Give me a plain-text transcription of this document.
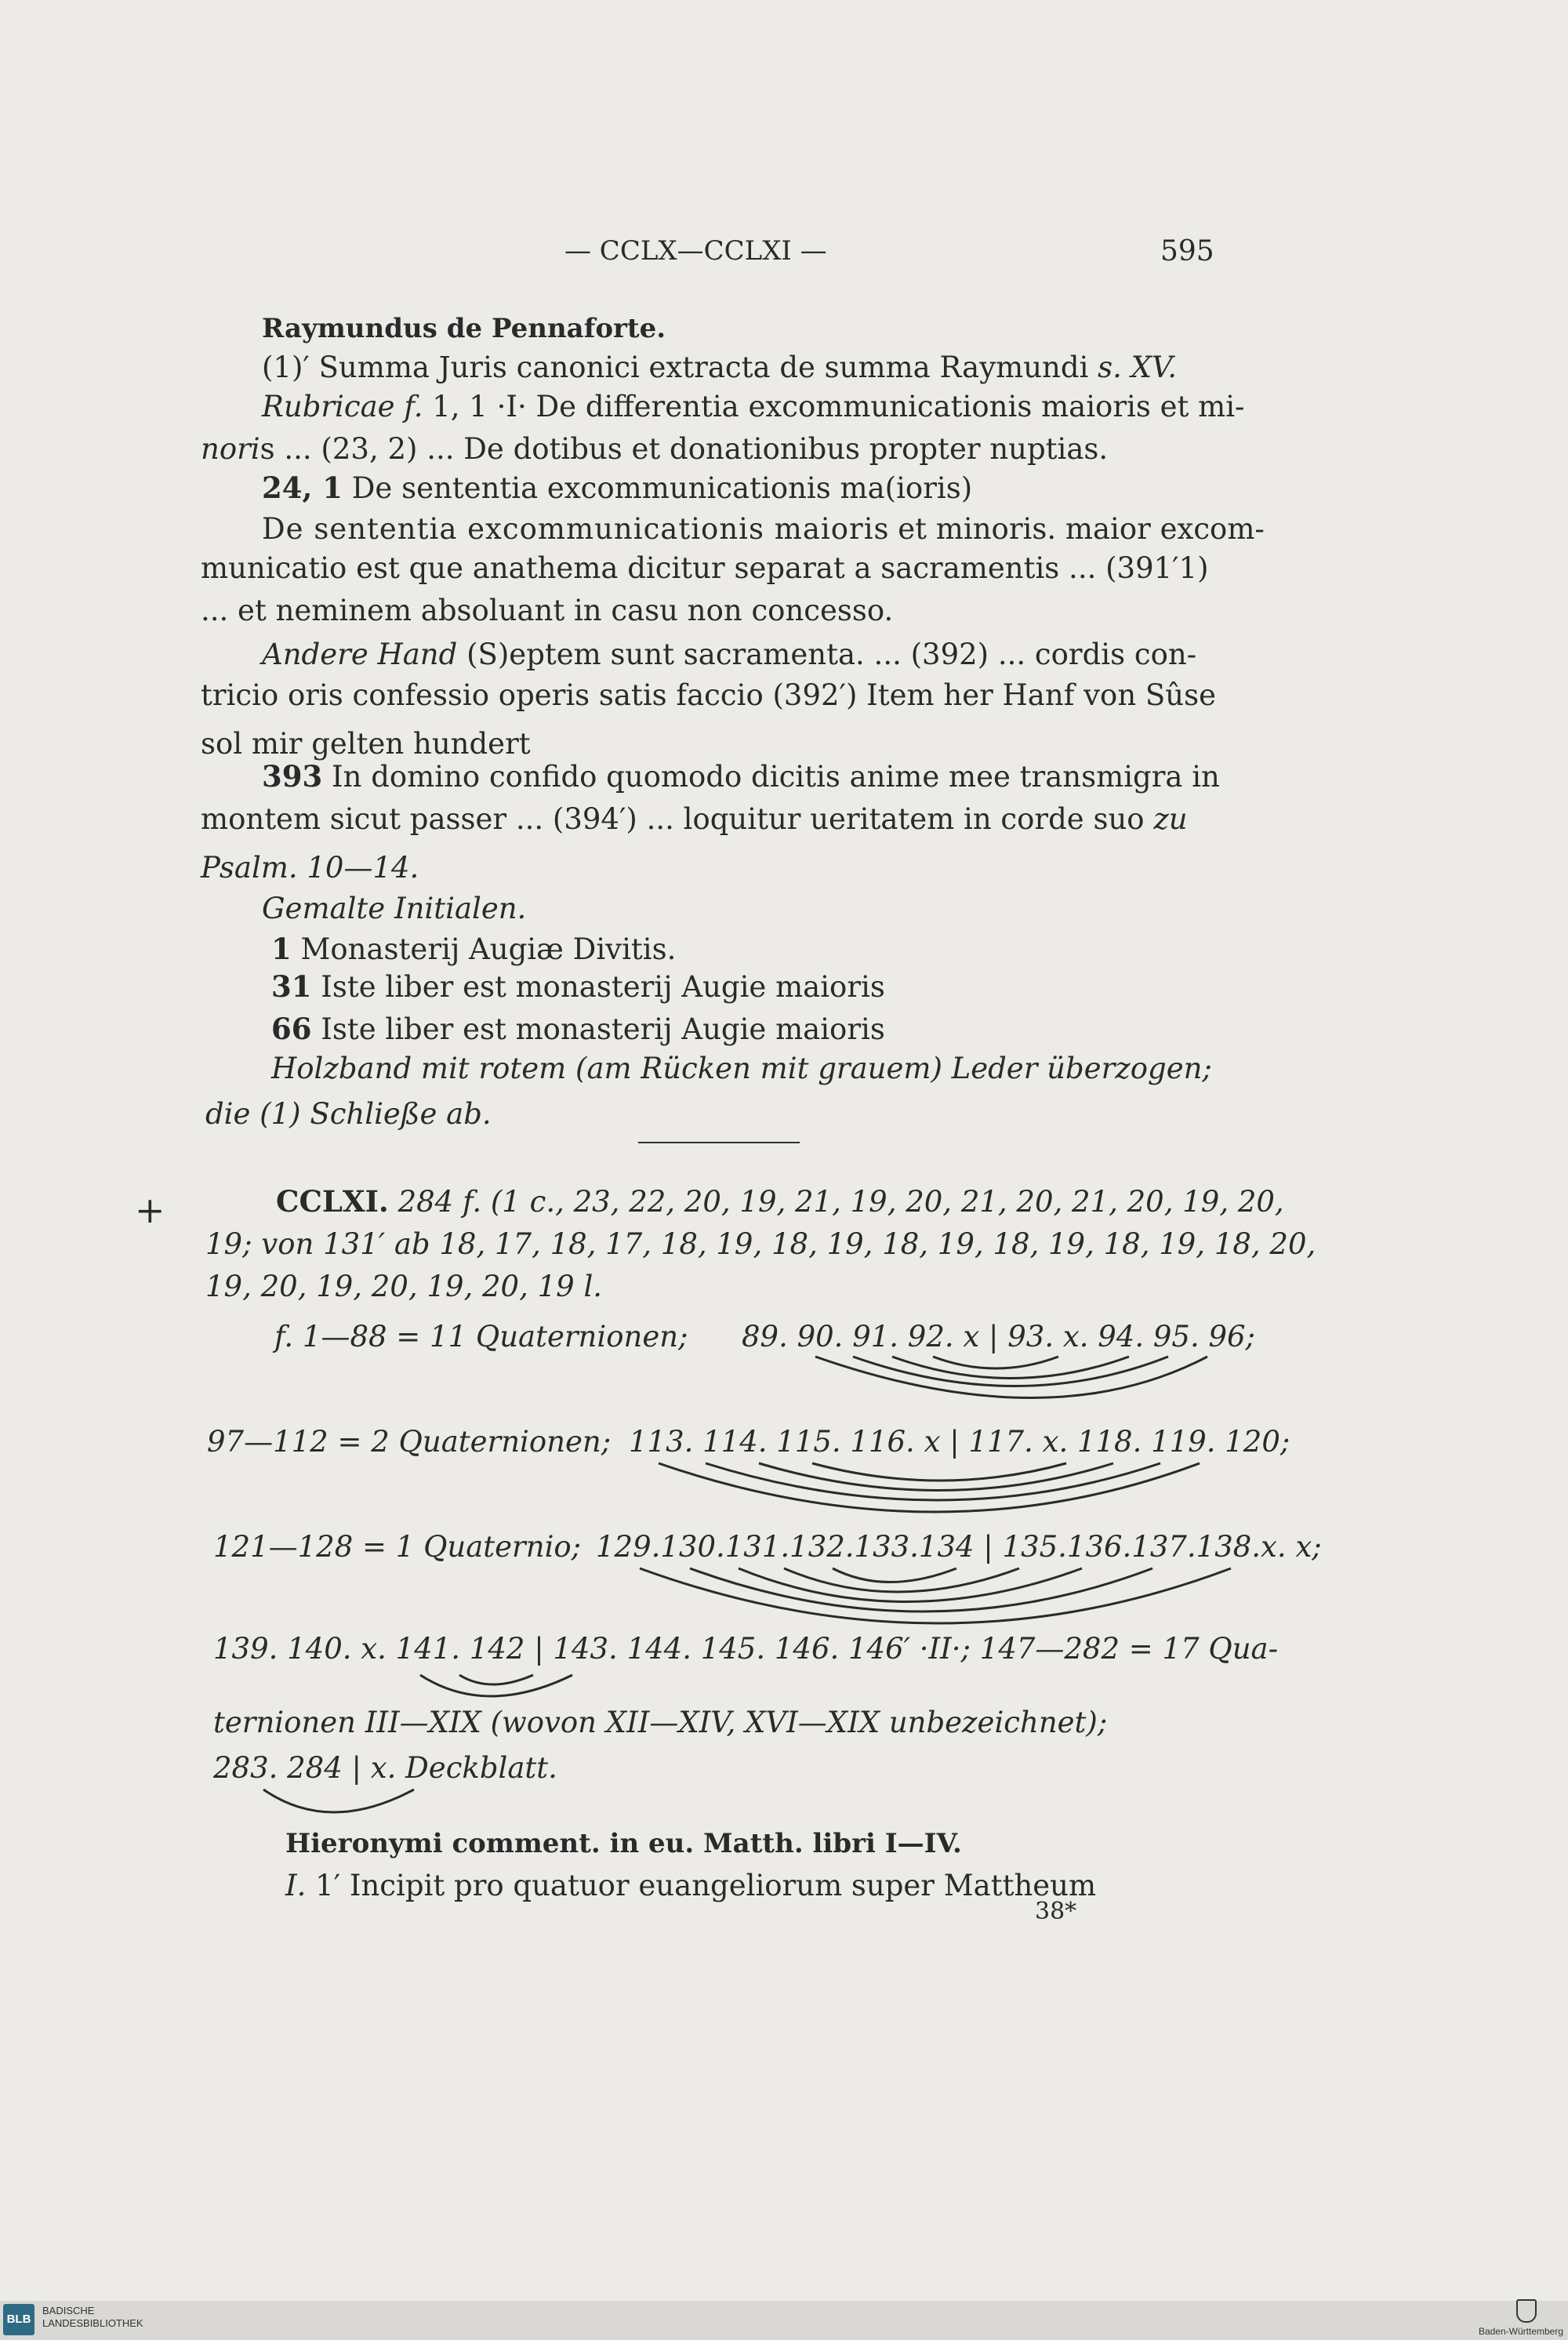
— CCLX—CCLXI —	595
Raymundus de Pennaforte.
(1)′ Summa Juris canonici extracta de summa Raymundi s. XV.
Rubricae f. 1, 1 ·I· De differentia excommunicationis maioris et mi-
noris ... (23, 2) ... De dotibus et donationibus propter nuptias.
24, 1 De sententia excommunicationis ma(ioris)
De sententia excommunicationis maioris et minoris. maior excom-
municatio est que anathema dicitur separat a sacramentis ... (391′1)
... et neminem absoluant in casu non concesso.
Andere Hand (S)eptem sunt sacramenta. ... (392) ... cordis con-
tricio oris confessio operis satis faccio (392′) Item her Hanf von Sûse
sol mir gelten hundert
393 In domino confido quomodo dicitis anime mee transmigra in
montem sicut passer ... (394′) ... loquitur ueritatem in corde suo zu
Psalm. 10—14.
Gemalte Initialen.
1 Monasterij Augiæ Divitis.
31 Iste liber est monasterij Augie maioris
66 Iste liber est monasterij Augie maioris
Holzband mit rotem (am Rücken mit grauem) Leder überzogen;
die (1) Schließe ab.
+	CCLXI. 284 f. (1 c., 23, 22, 20, 19, 21, 19, 20, 21, 20, 21, 20, 19, 20,
19; von 131′ ab 18, 17, 18, 17, 18, 19, 18, 19, 18, 19, 18, 19, 18, 19, 18, 20,
19, 20, 19, 20, 19, 20, 19 l.
f. 1—88 = 11 Quaternionen; 89. 90. 91. 92. x | 93. x. 94. 95. 96;
97—112 = 2 Quaternionen; 113. 114. 115. 116. x | 117. x. 118. 119. 120;
121—128 = 1 Quaternio; 129.130.131.132.133.134 | 135.136.137.138.x. x;
139. 140. x. 141. 142 | 143. 144. 145. 146. 146′ ·II·; 147—282 = 17 Qua-
ternionen III—XIX (wovon XII—XIV, XVI—XIX unbezeichnet);
283. 284 | x. Deckblatt.
Hieronymi comment. in eu. Matth. libri I—IV.
I. 1′ Incipit pro quatuor euangeliorum super Mattheum
38*
BLB
BADISCHE
LANDESBIBLIOTHEK
Baden-Württemberg
